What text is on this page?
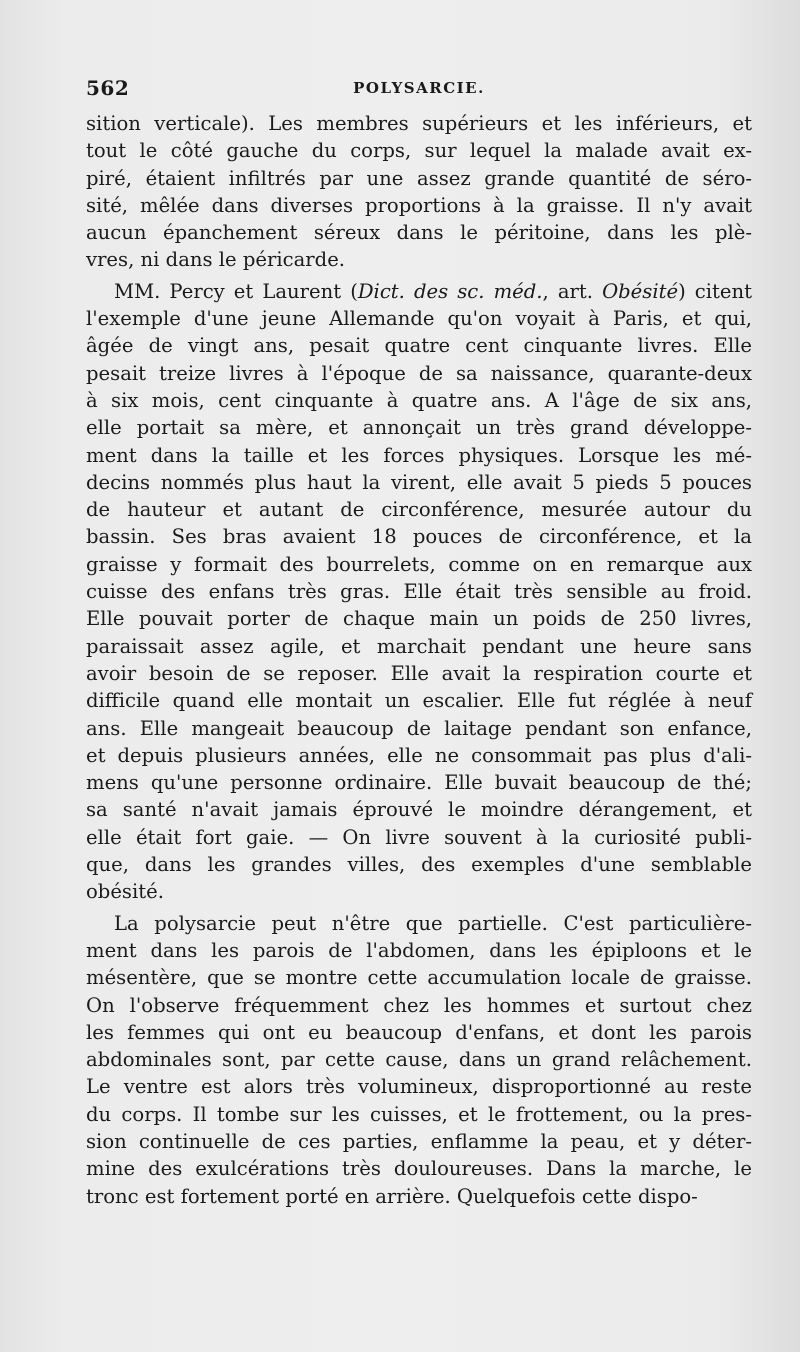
562	POLYSARCIE.
sition verticale). Les membres supérieurs et les inférieurs, et
tout le côté gauche du corps, sur lequel la malade avait ex-
piré, étaient infiltrés par une assez grande quantité de séro-
sité, mêlée dans diverses proportions à la graisse. Il n'y avait
aucun épanchement séreux dans le péritoine, dans les plè-
vres, ni dans le péricarde.
MM. Percy et Laurent (Dict. des sc. méd., art. Obésité) citent
l'exemple d'une jeune Allemande qu'on voyait à Paris, et qui,
âgée de vingt ans, pesait quatre cent cinquante livres. Elle
pesait treize livres à l'époque de sa naissance, quarante-deux
à six mois, cent cinquante à quatre ans. A l'âge de six ans,
elle portait sa mère, et annonçait un très grand développe-
ment dans la taille et les forces physiques. Lorsque les mé-
decins nommés plus haut la virent, elle avait 5 pieds 5 pouces
de hauteur et autant de circonférence, mesurée autour du
bassin. Ses bras avaient 18 pouces de circonférence, et la
graisse y formait des bourrelets, comme on en remarque aux
cuisse des enfans très gras. Elle était très sensible au froid.
Elle pouvait porter de chaque main un poids de 250 livres,
paraissait assez agile, et marchait pendant une heure sans
avoir besoin de se reposer. Elle avait la respiration courte et
difficile quand elle montait un escalier. Elle fut réglée à neuf
ans. Elle mangeait beaucoup de laitage pendant son enfance,
et depuis plusieurs années, elle ne consommait pas plus d'ali-
mens qu'une personne ordinaire. Elle buvait beaucoup de thé;
sa santé n'avait jamais éprouvé le moindre dérangement, et
elle était fort gaie. — On livre souvent à la curiosité publi-
que, dans les grandes villes, des exemples d'une semblable
obésité.
La polysarcie peut n'être que partielle. C'est particulière-
ment dans les parois de l'abdomen, dans les épiploons et le
mésentère, que se montre cette accumulation locale de graisse.
On l'observe fréquemment chez les hommes et surtout chez
les femmes qui ont eu beaucoup d'enfans, et dont les parois
abdominales sont, par cette cause, dans un grand relâchement.
Le ventre est alors très volumineux, disproportionné au reste
du corps. Il tombe sur les cuisses, et le frottement, ou la pres-
sion continuelle de ces parties, enflamme la peau, et y déter-
mine des exulcérations très douloureuses. Dans la marche, le
tronc est fortement porté en arrière. Quelquefois cette dispo-
